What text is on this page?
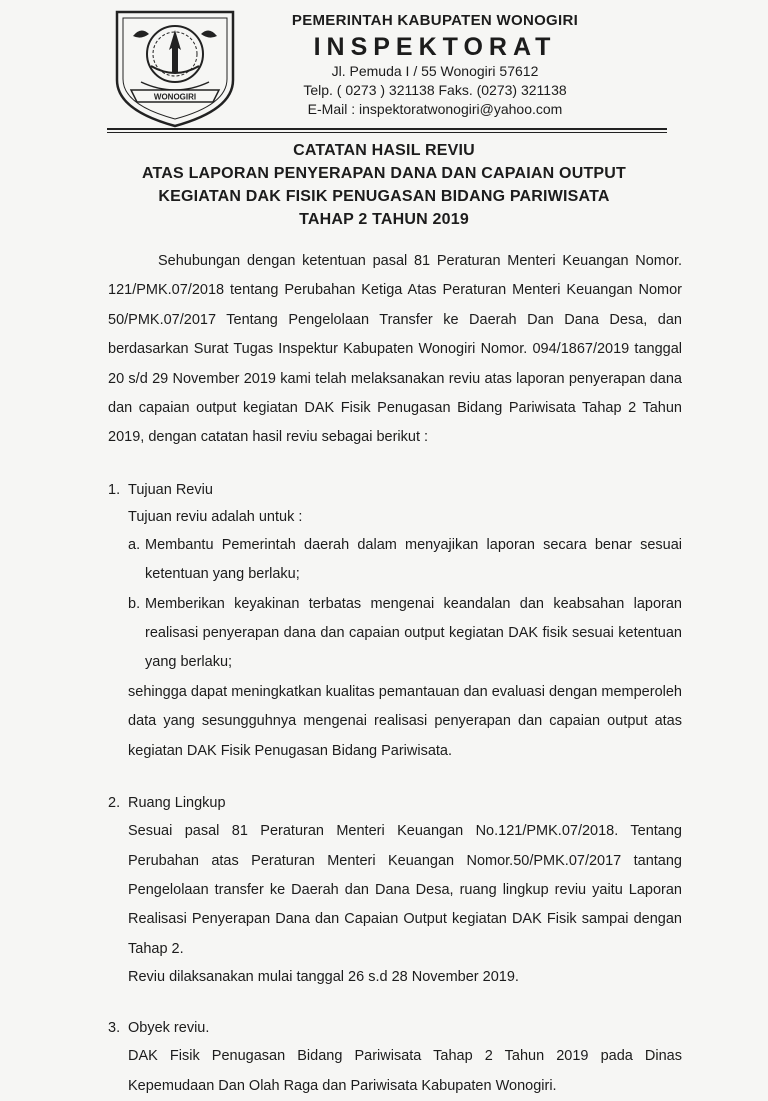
WONOGIRI

PEMERINTAH KABUPATEN WONOGIRI

INSPEKTORAT

Jl. Pemuda I / 55 Wonogiri 57612

Telp. ( 0273 ) 321138 Faks. (0273) 321138

E-Mail : inspektoratwonogiri@yahoo.com

CATATAN HASIL REVIU
ATAS LAPORAN PENYERAPAN DANA DAN CAPAIAN OUTPUT
KEGIATAN DAK FISIK PENUGASAN BIDANG PARIWISATA
TAHAP 2 TAHUN 2019

Sehubungan dengan ketentuan pasal 81 Peraturan Menteri Keuangan Nomor. 121/PMK.07/2018 tentang Perubahan Ketiga Atas Peraturan Menteri Keuangan Nomor 50/PMK.07/2017 Tentang Pengelolaan Transfer ke Daerah Dan Dana Desa, dan berdasarkan Surat Tugas Inspektur Kabupaten Wonogiri Nomor. 094/1867/2019 tanggal 20 s/d 29 November 2019 kami telah melaksanakan reviu atas laporan penyerapan dana dan capaian output kegiatan DAK Fisik Penugasan Bidang Pariwisata Tahap 2 Tahun 2019, dengan catatan hasil reviu sebagai berikut :

1. Tujuan Reviu

Tujuan reviu adalah untuk :

a. Membantu Pemerintah daerah dalam menyajikan laporan secara benar sesuai ketentuan yang berlaku;
b. Memberikan keyakinan terbatas mengenai keandalan dan keabsahan laporan realisasi penyerapan dana dan capaian output kegiatan DAK fisik sesuai ketentuan yang berlaku;

sehingga dapat meningkatkan kualitas pemantauan dan evaluasi dengan memperoleh data yang sesungguhnya mengenai realisasi penyerapan dan capaian output atas kegiatan DAK Fisik Penugasan Bidang Pariwisata.

2. Ruang Lingkup

Sesuai pasal 81 Peraturan Menteri Keuangan No.121/PMK.07/2018. Tentang Perubahan atas Peraturan Menteri Keuangan Nomor.50/PMK.07/2017 tantang Pengelolaan transfer ke Daerah dan Dana Desa, ruang lingkup reviu yaitu Laporan Realisasi Penyerapan Dana dan Capaian Output kegiatan DAK Fisik sampai dengan Tahap 2.

Reviu dilaksanakan mulai tanggal 26 s.d 28 November 2019.

3. Obyek reviu.

DAK Fisik Penugasan Bidang Pariwisata Tahap 2 Tahun 2019 pada Dinas Kepemudaan Dan Olah Raga dan Pariwisata Kabupaten Wonogiri.
